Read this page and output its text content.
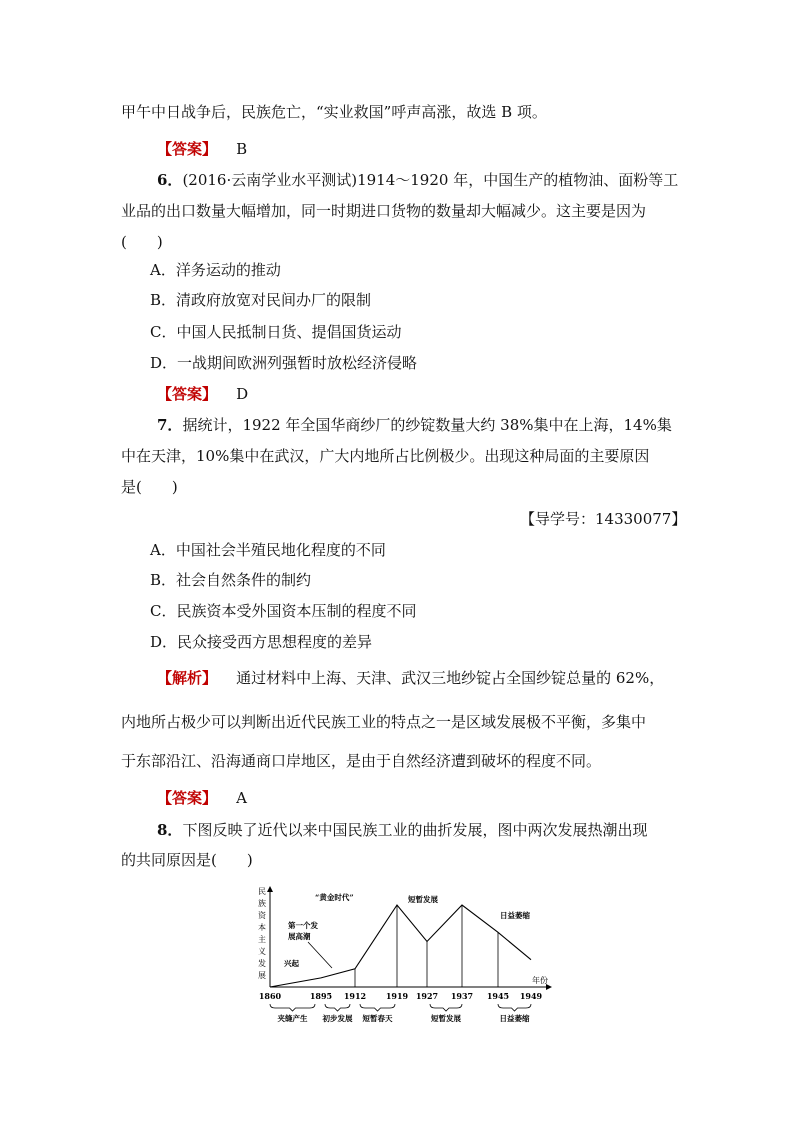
甲午中日战争后，民族危亡，“实业救国”呼声高涨，故选 B 项。
【答案】 B
6．(2016·云南学业水平测试)1914～1920 年，中国生产的植物油、面粉等工
业品的出口数量大幅增加，同一时期进口货物的数量却大幅减少。这主要是因为
(　　)
A．洋务运动的推动
B．清政府放宽对民间办厂的限制
C．中国人民抵制日货、提倡国货运动
D．一战期间欧洲列强暂时放松经济侵略
【答案】 D
7．据统计，1922 年全国华商纱厂的纱锭数量大约 38%集中在上海，14%集
中在天津，10%集中在武汉，广大内地所占比例极少。出现这种局面的主要原因
是(　　)
【导学号：14330077】
A．中国社会半殖民地化程度的不同
B．社会自然条件的制约
C．民族资本受外国资本压制的程度不同
D．民众接受西方思想程度的差异
【解析】 通过材料中上海、天津、武汉三地纱锭占全国纱锭总量的 62%，
内地所占极少可以判断出近代民族工业的特点之一是区域发展极不平衡，多集中
于东部沿江、沿海通商口岸地区，是由于自然经济遭到破坏的程度不同。
【答案】 A
8．下图反映了近代以来中国民族工业的曲折发展，图中两次发展热潮出现
的共同原因是(　　)
民
族
资
本
主
义
发
展
年份
1860	1895 1912 1919 1927 1937 1945 1949
兴起
第一个发展高潮
“黄金时代”	短暂发展
日益萎缩
夹缝产生 初步发展 短暂春天	短暂发展	日益萎缩
